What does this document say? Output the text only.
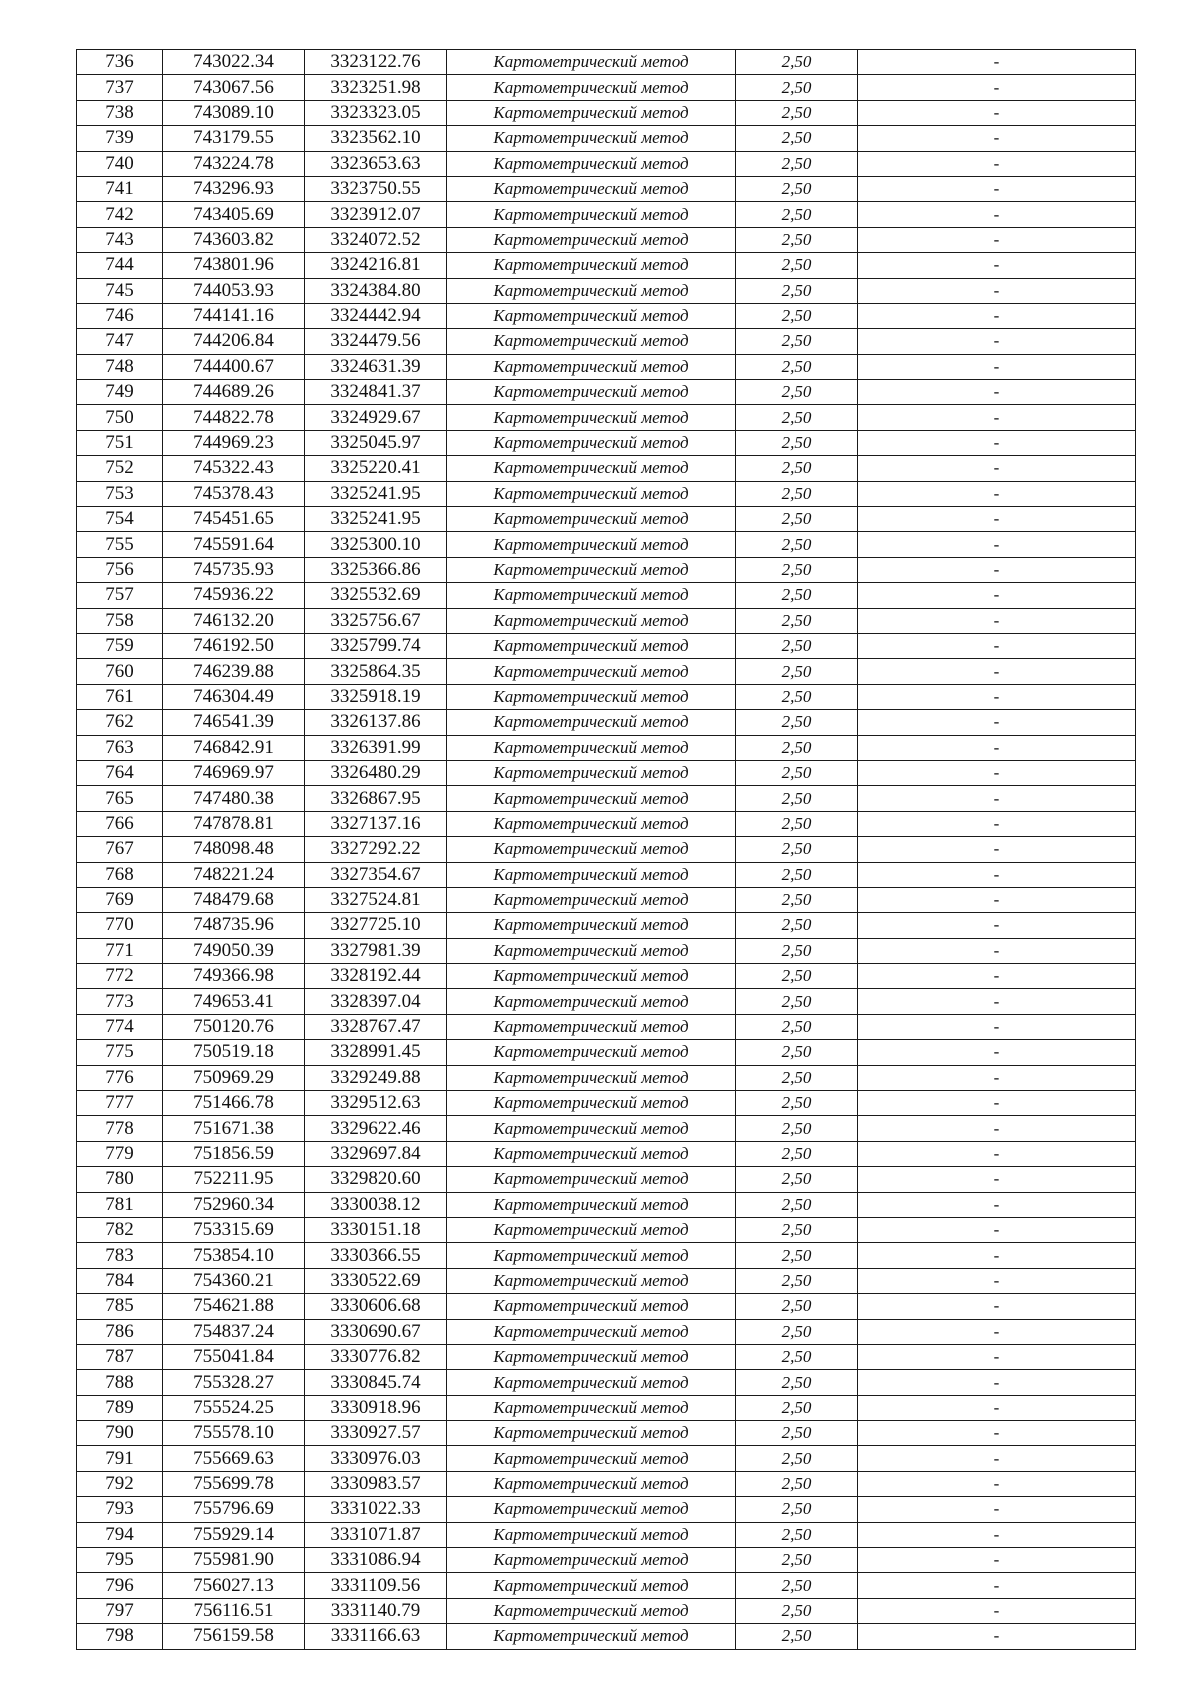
736	743022.34	3323122.76	Картометрический метод	2,50	-
737	743067.56	3323251.98	Картометрический метод	2,50	-
738	743089.10	3323323.05	Картометрический метод	2,50	-
739	743179.55	3323562.10	Картометрический метод	2,50	-
740	743224.78	3323653.63	Картометрический метод	2,50	-
741	743296.93	3323750.55	Картометрический метод	2,50	-
742	743405.69	3323912.07	Картометрический метод	2,50	-
743	743603.82	3324072.52	Картометрический метод	2,50	-
744	743801.96	3324216.81	Картометрический метод	2,50	-
745	744053.93	3324384.80	Картометрический метод	2,50	-
746	744141.16	3324442.94	Картометрический метод	2,50	-
747	744206.84	3324479.56	Картометрический метод	2,50	-
748	744400.67	3324631.39	Картометрический метод	2,50	-
749	744689.26	3324841.37	Картометрический метод	2,50	-
750	744822.78	3324929.67	Картометрический метод	2,50	-
751	744969.23	3325045.97	Картометрический метод	2,50	-
752	745322.43	3325220.41	Картометрический метод	2,50	-
753	745378.43	3325241.95	Картометрический метод	2,50	-
754	745451.65	3325241.95	Картометрический метод	2,50	-
755	745591.64	3325300.10	Картометрический метод	2,50	-
756	745735.93	3325366.86	Картометрический метод	2,50	-
757	745936.22	3325532.69	Картометрический метод	2,50	-
758	746132.20	3325756.67	Картометрический метод	2,50	-
759	746192.50	3325799.74	Картометрический метод	2,50	-
760	746239.88	3325864.35	Картометрический метод	2,50	-
761	746304.49	3325918.19	Картометрический метод	2,50	-
762	746541.39	3326137.86	Картометрический метод	2,50	-
763	746842.91	3326391.99	Картометрический метод	2,50	-
764	746969.97	3326480.29	Картометрический метод	2,50	-
765	747480.38	3326867.95	Картометрический метод	2,50	-
766	747878.81	3327137.16	Картометрический метод	2,50	-
767	748098.48	3327292.22	Картометрический метод	2,50	-
768	748221.24	3327354.67	Картометрический метод	2,50	-
769	748479.68	3327524.81	Картометрический метод	2,50	-
770	748735.96	3327725.10	Картометрический метод	2,50	-
771	749050.39	3327981.39	Картометрический метод	2,50	-
772	749366.98	3328192.44	Картометрический метод	2,50	-
773	749653.41	3328397.04	Картометрический метод	2,50	-
774	750120.76	3328767.47	Картометрический метод	2,50	-
775	750519.18	3328991.45	Картометрический метод	2,50	-
776	750969.29	3329249.88	Картометрический метод	2,50	-
777	751466.78	3329512.63	Картометрический метод	2,50	-
778	751671.38	3329622.46	Картометрический метод	2,50	-
779	751856.59	3329697.84	Картометрический метод	2,50	-
780	752211.95	3329820.60	Картометрический метод	2,50	-
781	752960.34	3330038.12	Картометрический метод	2,50	-
782	753315.69	3330151.18	Картометрический метод	2,50	-
783	753854.10	3330366.55	Картометрический метод	2,50	-
784	754360.21	3330522.69	Картометрический метод	2,50	-
785	754621.88	3330606.68	Картометрический метод	2,50	-
786	754837.24	3330690.67	Картометрический метод	2,50	-
787	755041.84	3330776.82	Картометрический метод	2,50	-
788	755328.27	3330845.74	Картометрический метод	2,50	-
789	755524.25	3330918.96	Картометрический метод	2,50	-
790	755578.10	3330927.57	Картометрический метод	2,50	-
791	755669.63	3330976.03	Картометрический метод	2,50	-
792	755699.78	3330983.57	Картометрический метод	2,50	-
793	755796.69	3331022.33	Картометрический метод	2,50	-
794	755929.14	3331071.87	Картометрический метод	2,50	-
795	755981.90	3331086.94	Картометрический метод	2,50	-
796	756027.13	3331109.56	Картометрический метод	2,50	-
797	756116.51	3331140.79	Картометрический метод	2,50	-
798	756159.58	3331166.63	Картометрический метод	2,50	-
